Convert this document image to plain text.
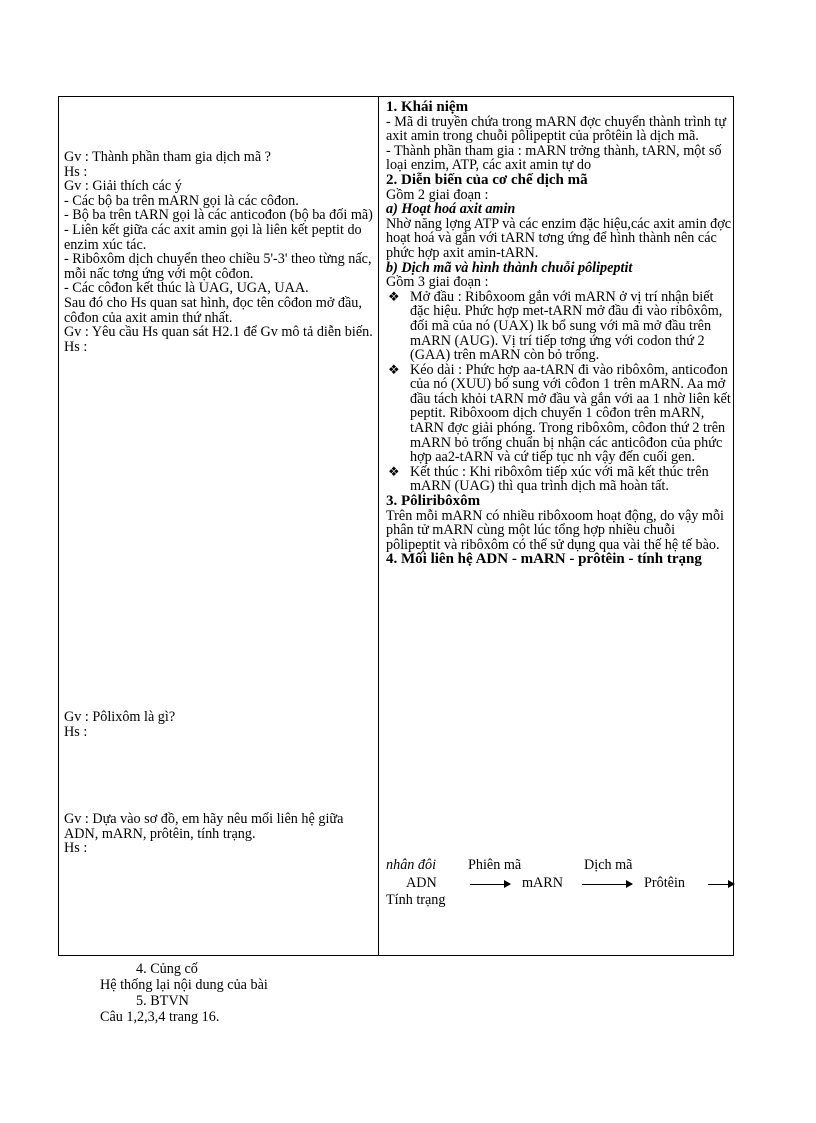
Gv : Thành phần tham gia dịch mã ?
Hs :
Gv : Giải thích các ý
- Các bộ ba trên mARN gọi là các côđon.
- Bộ ba trên tARN gọi là các anticođon (bộ ba đối mã)
- Liên kết giữa các axit amin gọi là liên kết peptit do enzim xúc tác.
- Ribôxôm dịch chuyển theo chiều 5'-3' theo từng nấc, mỗi nấc tơng ứng với một côđon.
- Các côđon kết thúc là UAG, UGA, UAA.
Sau đó cho Hs quan sat hình, đọc tên côđon mở đầu, côđon của axit amin thứ nhất.
Gv : Yêu cầu Hs quan sát H2.1 để Gv mô tả diễn biến.
Hs :
Gv : Pôlixôm là gì?
Hs :
Gv : Dựa vào sơ đồ, em hãy nêu mối liên hệ giữa ADN, mARN, prôtêin, tính trạng.
Hs :
1. Khái niệm
- Mã di truyền chứa trong mARN đợc chuyển thành trình tự axit amin trong chuỗi pôlipeptit của prôtêin là dịch mã.
- Thành phần tham gia : mARN trởng thành, tARN, một số loại enzim, ATP, các axit amin tự do
2. Diễn biến của cơ chế dịch mã
Gồm 2 giai đoạn :
a) Hoạt hoá axit amin
Nhờ năng lợng ATP và các enzim đặc hiệu,các axit amin đợc hoạt hoá và gắn với tARN tơng ứng để hình thành nên các phức hợp axit amin-tARN.
b) Dịch mã và hình thành chuỗi pôlipeptit
Gồm 3 giai đoạn :
❖ Mở đầu : Ribôxoom gắn với mARN ở vị trí nhận biết đặc hiệu. Phức hợp met-tARN mở đầu đi vào ribôxôm, đối mã của nó (UAX) lk bổ sung với mã mở đầu trên mARN (AUG). Vị trí tiếp tơng ứng với codon thứ 2 (GAA) trên mARN còn bỏ trống.
❖ Kéo dài : Phức hợp aa-tARN đi vào ribôxôm, anticođon của nó (XUU) bổ sung với côđon 1 trên mARN. Aa mở đầu tách khỏi tARN mở đầu và gắn với aa 1 nhờ liên kết peptit. Ribôxoom dịch chuyển 1 côđon trên mARN, tARN đợc giải phóng. Trong ribôxôm, côđon thứ 2 trên mARN bỏ trống chuẩn bị nhận các anticôđon của phức hợp aa2-tARN và cứ tiếp tục nh vậy đến cuối gen.
❖ Kết thúc : Khi ribôxôm tiếp xúc với mã kết thúc trên mARN (UAG) thì qua trình dịch mã hoàn tất.
3. Pôliribôxôm
Trên mỗi mARN có nhiều ribôxoom hoạt động, do vậy mỗi phân tử mARN cùng một lúc tổng hợp nhiều chuỗi pôlipeptit và ribôxôm có thể sử dụng qua vài thế hệ tế bào.
4. Mối liên hệ ADN - mARN - prôtêin - tính trạng
nhân đôi Phiên mã	Dịch mã
ADN	mARN	Prôtêin
Tính trạng
4. Củng cố
Hệ thống lại nội dung của bài
5. BTVN
Câu 1,2,3,4 trang 16.
